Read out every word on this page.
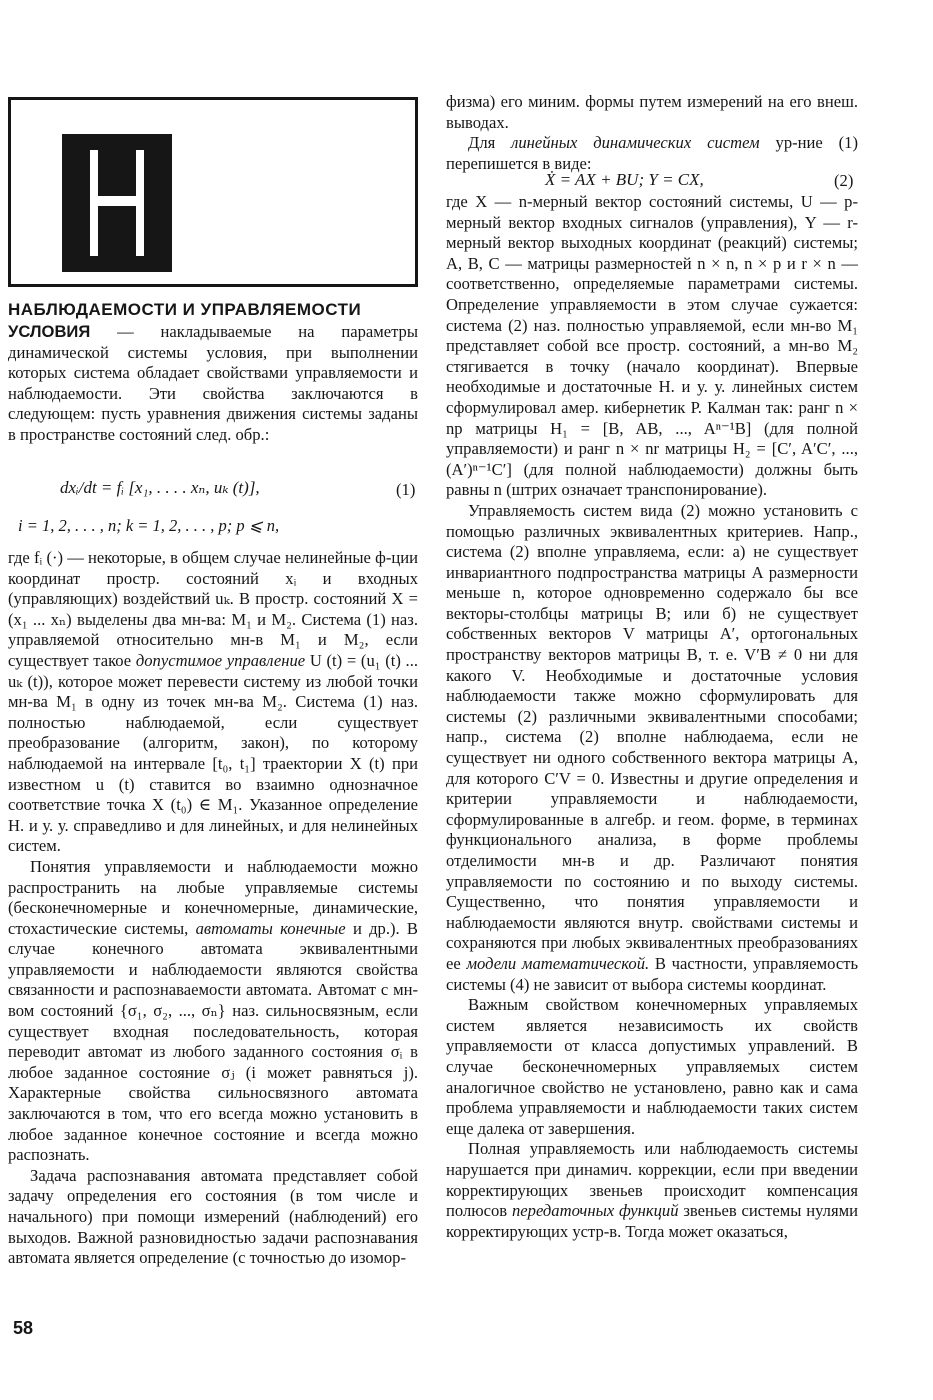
НАБЛЮДАЕМОСТИ И УПРАВЛЯЕМОСТИ

УСЛОВИЯ — накладываемые на параметры динамической системы условия, при выполнении которых система обладает свойствами управляемости и наблюдаемости. Эти свойства заключаются в следующем: пусть уравнения движения системы заданы в пространстве состояний след. обр.:

dxᵢ/dt = fᵢ [x₁, . . . . xₙ, uₖ (t)],	(1)
i = 1, 2, . . . , n; k = 1, 2, . . . , p; p ⩽ n,

где fᵢ (·) — некоторые, в общем случае нелинейные ф-ции координат простр. состояний xᵢ и входных (управляющих) воздействий uₖ. В простр. состояний X = (x₁ ... xₙ) выделены два мн-ва: M₁ и M₂. Система (1) наз. управляемой относительно мн-в M₁ и M₂, если существует такое допустимое управление U (t) = (u₁ (t) ... uₖ (t)), которое может перевести систему из любой точки мн-ва M₁ в одну из точек мн-ва M₂. Система (1) наз. полностью наблюдаемой, если существует преобразование (алгоритм, закон), по которому наблюдаемой на интервале [t₀, t₁] траектории X (t) при известном u (t) ставится во взаимно однозначное соответствие точка X (t₀) ∈ M₁. Указанное определение Н. и у. у. справедливо и для линейных, и для нелинейных систем.

Понятия управляемости и наблюдаемости можно распространить на любые управляемые системы (бесконечномерные и конечномерные, динамические, стохастические системы, автоматы конечные и др.). В случае конечного автомата эквивалентными управляемости и наблюдаемости являются свойства связанности и распознаваемости автомата. Автомат с мн-вом состояний {σ₁, σ₂, ..., σₙ} наз. сильносвязным, если существует входная последовательность, которая переводит автомат из любого заданного состояния σᵢ в любое заданное состояние σⱼ (i может равняться j). Характерные свойства сильносвязного автомата заключаются в том, что его всегда можно установить в любое заданное конечное состояние и всегда можно распознать.

Задача распознавания автомата представляет собой задачу определения его состояния (в том числе и начального) при помощи измерений (наблюдений) его выходов. Важной разновидностью задачи распознавания автомата является определение (с точностью до изомор-

физма) его миним. формы путем измерений на его внеш. выводах.

Для линейных динамических систем ур-ние (1) перепишется в виде:

Ẋ = AX + BU; Y = CX,	(2)

где X — n-мерный вектор состояний системы, U — p-мерный вектор входных сигналов (управления), Y — r-мерный вектор выходных координат (реакций) системы; A, B, C — матрицы размерностей n × n, n × p и r × n — соответственно, определяемые параметрами системы. Определение управляемости в этом случае сужается: система (2) наз. полностью управляемой, если мн-во M₁ представляет собой все простр. состояний, а мн-во M₂ стягивается в точку (начало координат). Впервые необходимые и достаточные Н. и у. у. линейных систем сформулировал амер. кибернетик Р. Калман так: ранг n × np матрицы H₁ = [B, AB, ..., Aⁿ⁻¹B] (для полной управляемости) и ранг n × nr матрицы H₂ = [C′, A′C′, ..., (A′)ⁿ⁻¹C′] (для полной наблюдаемости) должны быть равны n (штрих означает транспонирование).

Управляемость систем вида (2) можно установить с помощью различных эквивалентных критериев. Напр., система (2) вполне управляема, если: а) не существует инвариантного подпространства матрицы A размерности меньше n, которое одновременно содержало бы все векторы-столбцы матрицы B; или б) не существует собственных векторов V матрицы A′, ортогональных пространству векторов матрицы B, т. е. V′B ≠ 0 ни для какого V. Необходимые и достаточные условия наблюдаемости также можно сформулировать для системы (2) различными эквивалентными способами; напр., система (2) вполне наблюдаема, если не существует ни одного собственного вектора матрицы A, для которого C′V = 0. Известны и другие определения и критерии управляемости и наблюдаемости, сформулированные в алгебр. и геом. форме, в терминах функционального анализа, в форме проблемы отделимости мн-в и др. Различают понятия управляемости по состоянию и по выходу системы. Существенно, что понятия управляемости и наблюдаемости являются внутр. свойствами системы и сохраняются при любых эквивалентных преобразованиях ее модели математической. В частности, управляемость системы (4) не зависит от выбора системы координат.

Важным свойством конечномерных управляемых систем является независимость их свойств управляемости от класса допустимых управлений. В случае бесконечномерных управляемых систем аналогичное свойство не установлено, равно как и сама проблема управляемости и наблюдаемости таких систем еще далека от завершения.

Полная управляемость или наблюдаемость системы нарушается при динамич. коррекции, если при введении корректирующих звеньев происходит компенсация полюсов передаточных функций звеньев системы нулями корректирующих устр-в. Тогда может оказаться,

58
